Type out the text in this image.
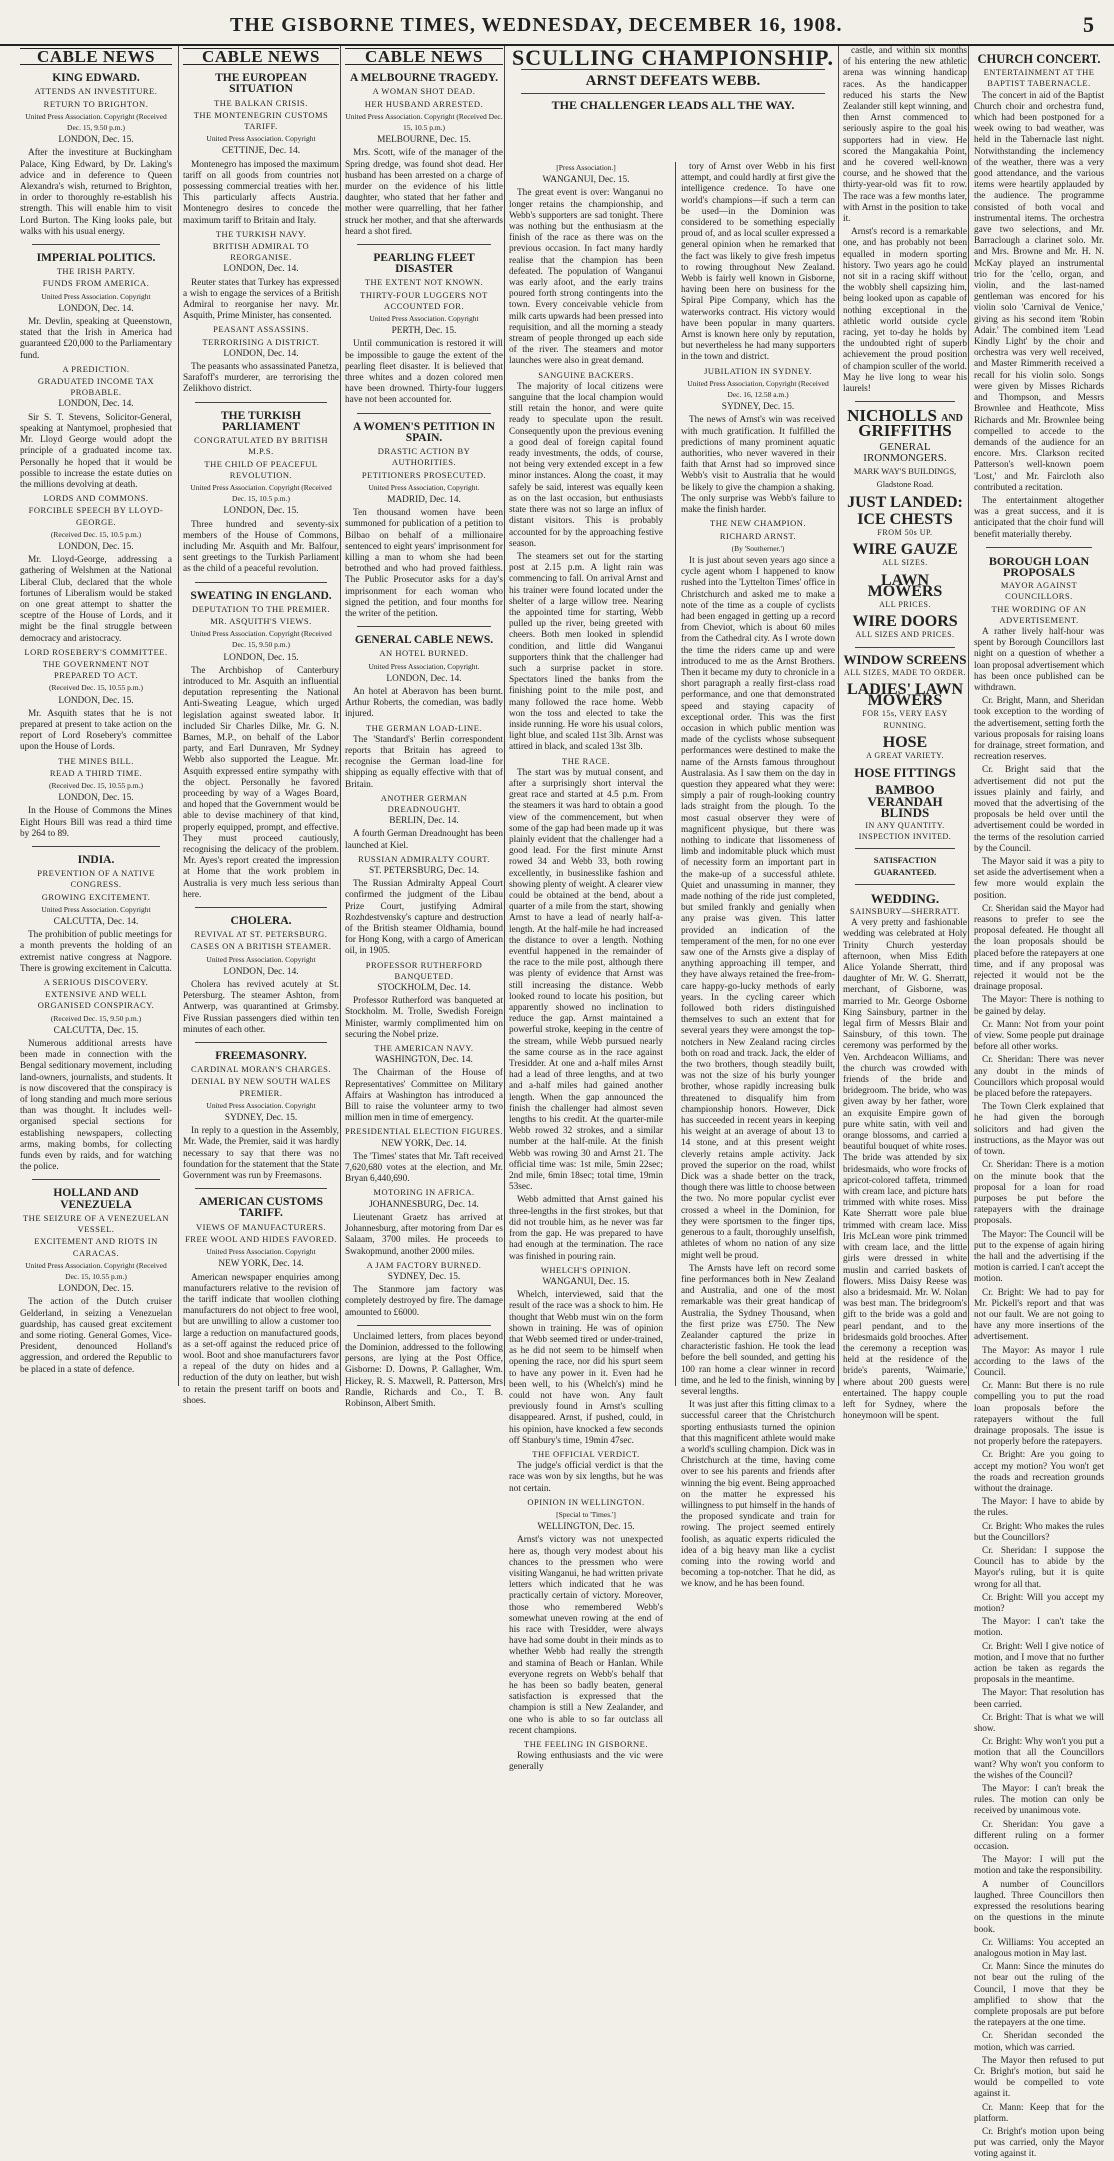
THE GISBORNE TIMES, WEDNESDAY, DECEMBER 16, 1908.	5
CABLE NEWS
KING EDWARD.
ATTENDS AN INVESTITURE.
RETURN TO BRIGHTON.

United Press Association. Copyright (Received Dec. 15, 9.50 p.m.)

LONDON, Dec. 15.

After the investiture at Buckingham Palace, King Edward, by Dr. Laking's advice and in deference to Queen Alexandra's wish, returned to Brighton, in order to thoroughly re-establish his strength. This will enable him to visit Lord Burton. The King looks pale, but walks with his usual energy.

IMPERIAL POLITICS.
THE IRISH PARTY.
FUNDS FROM AMERICA.

United Press Association. Copyright

LONDON, Dec. 14.

Mr. Devlin, speaking at Queenstown, stated that the Irish in America had guaranteed £20,000 to the Parliamentary fund.

A PREDICTION.
GRADUATED INCOME TAX PROBABLE.

LONDON, Dec. 14.

Sir S. T. Stevens, Solicitor-General, speaking at Nantymoel, prophesied that Mr. Lloyd George would adopt the principle of a graduated income tax. Personally he hoped that it would be possible to increase the estate duties on the millions devolving at death.

LORDS AND COMMONS.
FORCIBLE SPEECH BY LLOYD-GEORGE.

(Received Dec. 15, 10.5 p.m.)

LONDON, Dec. 15.

Mr. Lloyd-George, addressing a gathering of Welshmen at the National Liberal Club, declared that the whole fortunes of Liberalism would be staked on one great attempt to shatter the sceptre of the House of Lords, and it might be the final struggle between democracy and aristocracy.

LORD ROSEBERY'S COMMITTEE.
THE GOVERNMENT NOT PREPARED TO ACT.

(Received Dec. 15, 10.55 p.m.)

LONDON, Dec. 15.

Mr. Asquith states that he is not prepared at present to take action on the report of Lord Rosebery's committee upon the House of Lords.

THE MINES BILL.
READ A THIRD TIME.

(Received Dec. 15, 10.55 p.m.)

LONDON, Dec. 15.

In the House of Commons the Mines Eight Hours Bill was read a third time by 264 to 89.

INDIA.
PREVENTION OF A NATIVE CONGRESS.
GROWING EXCITEMENT.

United Press Association. Copyright

CALCUTTA, Dec. 14.

The prohibition of public meetings for a month prevents the holding of an extremist native congress at Nagpore. There is growing excitement in Calcutta.

A SERIOUS DISCOVERY.
EXTENSIVE AND WELL ORGANISED CONSPIRACY.

(Received Dec. 15, 9.50 p.m.)

CALCUTTA, Dec. 15.

Numerous additional arrests have been made in connection with the Bengal seditionary movement, including land-owners, journalists, and students. It is now discovered that the conspiracy is of long standing and much more serious than was thought. It includes well-organised special sections for establishing newspapers, collecting arms, making bombs, for collecting funds even by raids, and for watching the police.

HOLLAND AND VENEZUELA
THE SEIZURE OF A VENEZUELAN VESSEL.
EXCITEMENT AND RIOTS IN CARACAS.

United Press Association. Copyright (Received Dec. 15, 10.55 p.m.)

LONDON, Dec. 15.

The action of the Dutch cruiser Gelderland, in seizing a Venezuelan guardship, has caused great excitement and some rioting. General Gomes, Vice-President, denounced Holland's aggression, and ordered the Republic to be placed in a state of defence.

CABLE NEWS
THE EUROPEAN SITUATION
THE BALKAN CRISIS.
THE MONTENEGRIN CUSTOMS TARIFF.

United Press Association. Copyright

CETTINJE, Dec. 14.

Montenegro has imposed the maximum tariff on all goods from countries not possessing commercial treaties with her. This particularly affects Austria. Montenegro desires to concede the maximum tariff to Britain and Italy.

THE TURKISH NAVY.
BRITISH ADMIRAL TO REORGANISE.

LONDON, Dec. 14.

Reuter states that Turkey has expressed a wish to engage the services of a British Admiral to reorganise her navy. Mr. Asquith, Prime Minister, has consented.

PEASANT ASSASSINS.
TERRORISING A DISTRICT.

LONDON, Dec. 14.

The peasants who assassinated Panetza, Sarafoff's murderer, are terrorising the Zelikhovo district.

THE TURKISH PARLIAMENT
CONGRATULATED BY BRITISH M.P.S.
THE CHILD OF PEACEFUL REVOLUTION.

United Press Association. Copyright (Received Dec. 15, 10.5 p.m.)

LONDON, Dec. 15.

Three hundred and seventy-six members of the House of Commons, including Mr. Asquith and Mr. Balfour, sent greetings to the Turkish Parliament as the child of a peaceful revolution.

SWEATING IN ENGLAND.
DEPUTATION TO THE PREMIER.
MR. ASQUITH'S VIEWS.

United Press Association. Copyright (Received Dec. 15, 9.50 p.m.)

LONDON, Dec. 15.

The Archbishop of Canterbury introduced to Mr. Asquith an influential deputation representing the National Anti-Sweating League, which urged legislation against sweated labor. It included Sir Charles Dilke, Mr. G. N. Barnes, M.P., on behalf of the Labor party, and Earl Dunraven, Mr Sydney Webb also supported the League. Mr. Asquith expressed entire sympathy with the object. Personally he favored proceeding by way of a Wages Board, and hoped that the Government would be able to devise machinery of that kind, properly equipped, prompt, and effective. They must proceed cautiously, recognising the delicacy of the problem. Mr. Ayes's report created the impression at Home that the work problem in Australia is very much less serious than here.

CHOLERA.
REVIVAL AT ST. PETERSBURG.
CASES ON A BRITISH STEAMER.

United Press Association. Copyright

LONDON, Dec. 14.

Cholera has revived acutely at St. Petersburg. The steamer Ashton, from Antwerp, was quarantined at Grimsby. Five Russian passengers died within ten minutes of each other.

FREEMASONRY.
CARDINAL MORAN'S CHARGES.
DENIAL BY NEW SOUTH WALES PREMIER.

United Press Association. Copyright

SYDNEY, Dec. 15.

In reply to a question in the Assembly, Mr. Wade, the Premier, said it was hardly necessary to say that there was no foundation for the statement that the State Government was run by Freemasons.

AMERICAN CUSTOMS TARIFF.
VIEWS OF MANUFACTURERS.
FREE WOOL AND HIDES FAVORED.

United Press Association. Copyright

NEW YORK, Dec. 14.

American newspaper enquiries among manufacturers relative to the revision of the tariff indicate that woollen clothing manufacturers do not object to free wool, but are unwilling to allow a customer too large a reduction on manufactured goods, as a set-off against the reduced price of wool. Boot and shoe manufacturers favor a repeal of the duty on hides and a reduction of the duty on leather, but wish to retain the present tariff on boots and shoes.

CABLE NEWS
A MELBOURNE TRAGEDY.
A WOMAN SHOT DEAD.
HER HUSBAND ARRESTED.

United Press Association. Copyright (Received Dec. 15, 10.5 p.m.)

MELBOURNE, Dec. 15.

Mrs. Scott, wife of the manager of the Spring dredge, was found shot dead. Her husband has been arrested on a charge of murder on the evidence of his little daughter, who stated that her father and mother were quarrelling, that her father struck her mother, and that she afterwards heard a shot fired.

PEARLING FLEET DISASTER
THE EXTENT NOT KNOWN.
THIRTY-FOUR LUGGERS NOT ACCOUNTED FOR.

United Press Association. Copyright

PERTH, Dec. 15.

Until communication is restored it will be impossible to gauge the extent of the pearling fleet disaster. It is believed that three whites and a dozen colored men have been drowned. Thirty-four luggers have not been accounted for.

A WOMEN'S PETITION IN SPAIN.
DRASTIC ACTION BY AUTHORITIES.
PETITIONERS PROSECUTED.

United Press Association, Copyright.

MADRID, Dec. 14.

Ten thousand women have been summoned for publication of a petition to Bilbao on behalf of a millionaire sentenced to eight years' imprisonment for killing a man to whom she had been betrothed and who had proved faithless. The Public Prosecutor asks for a day's imprisonment for each woman who signed the petition, and four months for the writer of the petition.

GENERAL CABLE NEWS.
AN HOTEL BURNED.

United Press Association, Copyright.

LONDON, Dec. 14.

An hotel at Aberavon has been burnt. Arthur Roberts, the comedian, was badly injured.

THE GERMAN LOAD-LINE.

The 'Standard's' Berlin correspondent reports that Britain has agreed to recognise the German load-line for shipping as equally effective with that of Britain.

ANOTHER GERMAN DREADNOUGHT.

BERLIN, Dec. 14.

A fourth German Dreadnought has been launched at Kiel.

RUSSIAN ADMIRALTY COURT.

ST. PETERSBURG, Dec. 14.

The Russian Admiralty Appeal Court confirmed the judgment of the Libau Prize Court, justifying Admiral Rozhdestvensky's capture and destruction of the British steamer Oldhamia, bound for Hong Kong, with a cargo of American oil, in 1905.

PROFESSOR RUTHERFORD BANQUETED.

STOCKHOLM, Dec. 14.

Professor Rutherford was banqueted at Stockholm. M. Trolle, Swedish Foreign Minister, warmly complimented him on securing the Nobel prize.

THE AMERICAN NAVY.

WASHINGTON, Dec. 14.

The Chairman of the House of Representatives' Committee on Military Affairs at Washington has introduced a Bill to raise the volunteer army to two million men in time of emergency.

PRESIDENTIAL ELECTION FIGURES.

NEW YORK, Dec. 14.

The 'Times' states that Mr. Taft received 7,620,680 votes at the election, and Mr. Bryan 6,440,690.

MOTORING IN AFRICA.

JOHANNESBURG, Dec. 14.

Lieutenant Graetz has arrived at Johannesburg, after motoring from Dar es Salaam, 3700 miles. He proceeds to Swakopmund, another 2000 miles.

A JAM FACTORY BURNED.

SYDNEY, Dec. 15.

The Stanmore jam factory was completely destroyed by fire. The damage amounted to £6000.

Unclaimed letters, from places beyond the Dominion, addressed to the following persons, are lying at the Post Office, Gisborne: D. Downs, P. Gallagher, Wm. Hickey, R. S. Maxwell, R. Patterson, Mrs Randle, Richards and Co., T. B. Robinson, Albert Smith.

SCULLING CHAMPIONSHIP.
ARNST DEFEATS WEBB.
THE CHALLENGER LEADS ALL THE WAY.

[Press Association.]

WANGANUI, Dec. 15.

The great event is over: Wanganui no longer retains the championship, and Webb's supporters are sad tonight. There was nothing but the enthusiasm at the finish of the race as there was on the previous occasion. In fact many hardly realise that the champion has been defeated. The population of Wanganui was early afoot, and the early trains poured forth strong contingents into the town. Every conceivable vehicle from milk carts upwards had been pressed into requisition, and all the morning a steady stream of people thronged up each side of the river. The steamers and motor launches were also in great demand.

SANGUINE BACKERS.

The majority of local citizens were sanguine that the local champion would still retain the honor, and were quite ready to speculate upon the result. Consequently upon the previous evening a good deal of foreign capital found ready investments, the odds, of course, not being very extended except in a few minor instances. Along the coast, it may safely be said, interest was equally keen as on the last occasion, but enthusiasts state there was not so large an influx of distant visitors. This is probably accounted for by the approaching festive season.

The steamers set out for the starting post at 2.15 p.m. A light rain was commencing to fall. On arrival Arnst and his trainer were found located under the shelter of a large willow tree. Nearing the appointed time for starting, Webb pulled up the river, being greeted with cheers. Both men looked in splendid condition, and little did Wanganui supporters think that the challenger had such a surprise packet in store. Spectators lined the banks from the finishing point to the mile post, and many followed the race home. Webb won the toss and elected to take the inside running. He wore his usual colors, light blue, and scaled 11st 3lb. Arnst was attired in black, and scaled 13st 3lb.

THE RACE.

The start was by mutual consent, and after a surprisingly short interval the great race and started at 4.5 p.m. From the steamers it was hard to obtain a good view of the commencement, but when some of the gap had been made up it was plainly evident that the challenger had a good lead. For the first minute Arnst rowed 34 and Webb 33, both rowing excellently, in businesslike fashion and showing plenty of weight. A clearer view could be obtained at the bend, about a quarter of a mile from the start, showing Arnst to have a lead of nearly half-a-length. At the half-mile he had increased the distance to over a length. Nothing eventful happened in the remainder of the race to the mile post, although there was plenty of evidence that Arnst was still increasing the distance. Webb looked round to locate his position, but apparently showed no inclination to reduce the gap. Arnst maintained a powerful stroke, keeping in the centre of the stream, while Webb pursued nearly the same course as in the race against Tresidder. At one and a-half miles Arnst had a lead of three lengths, and at two and a-half miles had gained another length. When the gap announced the finish the challenger had almost seven lengths to his credit. At the quarter-mile Webb rowed 32 strokes, and a similar number at the half-mile. At the finish Webb was rowing 30 and Arnst 21. The official time was: 1st mile, 5min 22sec; 2nd mile, 6min 18sec; total time, 19min 53sec.

Webb admitted that Arnst gained his three-lengths in the first strokes, but that did not trouble him, as he never was far from the gap. He was prepared to have had enough at the termination. The race was finished in pouring rain.

WHELCH'S OPINION.

WANGANUI, Dec. 15.

Whelch, interviewed, said that the result of the race was a shock to him. He thought that Webb must win on the form shown in training. He was of opinion that Webb seemed tired or under-trained, as he did not seem to be himself when opening the race, nor did his spurt seem to have any power in it. Even had he been well, to his (Whelch's) mind he could not have won. Any fault previously found in Arnst's sculling disappeared. Arnst, if pushed, could, in his opinion, have knocked a few seconds off Stanbury's time, 19min 47sec.

THE OFFICIAL VERDICT.

The judge's official verdict is that the race was won by six lengths, but he was not certain.

OPINION IN WELLINGTON.

[Special to 'Times.']

WELLINGTON, Dec. 15.

Arnst's victory was not unexpected here as, though very modest about his chances to the pressmen who were visiting Wanganui, he had written private letters which indicated that he was practically certain of victory. Moreover, those who remembered Webb's somewhat uneven rowing at the end of his race with Tresidder, were always have had some doubt in their minds as to whether Webb had really the strength and stamina of Beach or Hanlan. While everyone regrets on Webb's behalf that he has been so badly beaten, general satisfaction is expressed that the champion is still a New Zealander, and one who is able to so far outclass all recent champions.

THE FEELING IN GISBORNE.

Rowing enthusiasts and the vic were generally

tory of Arnst over Webb in his first attempt, and could hardly at first give the intelligence credence. To have one world's champions—if such a term can be used—in the Dominion was considered to be something especially proud of, and as local sculler expressed a general opinion when he remarked that the fact was likely to give fresh impetus to rowing throughout New Zealand. Webb is fairly well known in Gisborne, having been here on business for the Spiral Pipe Company, which has the waterworks contract. His victory would have been popular in many quarters. Arnst is known here only by reputation, but nevertheless he had many supporters in the town and district.

JUBILATION IN SYDNEY.

United Press Association, Copyright (Received Dec. 16, 12.58 a.m.)

SYDNEY, Dec. 15.

The news of Arnst's win was received with much gratification. It fulfilled the predictions of many prominent aquatic authorities, who never wavered in their faith that Arnst had so improved since Webb's visit to Australia that he would be likely to give the champion a shaking. The only surprise was Webb's failure to make the finish harder.

THE NEW CHAMPION.
RICHARD ARNST.

(By 'Southerner.')

It is just about seven years ago since a cycle agent whom I happened to know rushed into the 'Lyttelton Times' office in Christchurch and asked me to make a note of the time as a couple of cyclists had been engaged in getting up a record from Cheviot, which is about 60 miles from the Cathedral city. As I wrote down the time the riders came up and were introduced to me as the Arnst Brothers. Then it became my duty to chronicle in a short paragraph a really first-class road performance, and one that demonstrated speed and staying capacity of exceptional order. This was the first occasion in which public mention was made of the cyclists whose subsequent performances were destined to make the name of the Arnsts famous throughout Australasia. As I saw them on the day in question they appeared what they were: simply a pair of rough-looking country lads straight from the plough. To the most casual observer they were of magnificent physique, but there was nothing to indicate that lissomeness of limb and indomitable pluck which must of necessity form an important part in the make-up of a successful athlete. Quiet and unassuming in manner, they made nothing of the ride just completed, but smiled frankly and genially when any praise was given. This latter provided an indication of the temperament of the men, for no one ever saw one of the Arnsts give a display of anything approaching ill temper, and they have always retained the free-from-care happy-go-lucky methods of early years. In the cycling career which followed both riders distinguished themselves to such an extent that for several years they were amongst the top-notchers in New Zealand racing circles both on road and track. Jack, the elder of the two brothers, though steadily built, was not the size of his burly younger brother, whose rapidly increasing bulk threatened to disqualify him from championship honors. However, Dick has succeeded in recent years in keeping his weight at an average of about 13 to 14 stone, and at this present weight cleverly retains ample activity. Jack proved the superior on the road, whilst Dick was a shade better on the track, though there was little to choose between the two. No more popular cyclist ever crossed a wheel in the Dominion, for they were sportsmen to the finger tips, generous to a fault, thoroughly unselfish, athletes of whom no nation of any size might well be proud.

The Arnsts have left on record some fine performances both in New Zealand and Australia, and one of the most remarkable was their great handicap of Australia, the Sydney Thousand, when the first prize was £750. The New Zealander captured the prize in characteristic fashion. He took the lead before the bell sounded, and getting his 100 ran home a clear winner in record time, and he led to the finish, winning by several lengths.

It was just after this fitting climax to a successful career that the Christchurch sporting enthusiasts turned the opinion that this magnificent athlete would make a world's sculling champion. Dick was in Christchurch at the time, having come over to see his parents and friends after winning the big event. Being approached on the matter he expressed his willingness to put himself in the hands of the proposed syndicate and train for rowing. The project seemed entirely foolish, as aquatic experts ridiculed the idea of a big heavy man like a cyclist coming into the rowing world and becoming a top-notcher. That he did, as we know, and he has been found.

castle, and within six months of his entering the new athletic arena was winning handicap races. As the handicapper reduced his starts the New Zealander still kept winning, and then Arnst commenced to seriously aspire to the goal his supporters had in view. He scored the Mangakahia Point, and he covered well-known course, and he showed that the thirty-year-old was fit to row. The race was a few months later, with Arnst in the position to take it.

Arnst's record is a remarkable one, and has probably not been equalled in modern sporting history. Two years ago he could not sit in a racing skiff without the wobbly shell capsizing him, being looked upon as capable of nothing exceptional in the athletic world outside cycle racing, yet to-day he holds by the undoubted right of superb achievement the proud position of champion sculler of the world. May he live long to wear his laurels!

NICHOLLS AND
GRIFFITHS
GENERAL IRONMONGERS.
MARK WAY'S BUILDINGS,
Gladstone Road.
JUST LANDED:
ICE CHESTS
FROM 50s UP.
WIRE GAUZE
ALL SIZES.
LAWN MOWERS
ALL PRICES.
WIRE DOORS
ALL SIZES AND PRICES.
WINDOW SCREENS
ALL SIZES, MADE TO ORDER.
LADIES' LAWN MOWERS
FOR 15s, VERY EASY RUNNING.
HOSE
A GREAT VARIETY.
HOSE FITTINGS
BAMBOO VERANDAH BLINDS
IN ANY QUANTITY. INSPECTION INVITED.
SATISFACTION GUARANTEED.
WEDDING.
SAINSBURY—SHERRATT.

A very pretty and fashionable wedding was celebrated at Holy Trinity Church yesterday afternoon, when Miss Edith Alice Yolande Sherratt, third daughter of Mr. W. G. Sherratt, merchant, of Gisborne, was married to Mr. George Osborne King Sainsbury, partner in the legal firm of Messrs Blair and Sainsbury, of this town. The ceremony was performed by the Ven. Archdeacon Williams, and the church was crowded with friends of the bride and bridegroom. The bride, who was given away by her father, wore an exquisite Empire gown of pure white satin, with veil and orange blossoms, and carried a beautiful bouquet of white roses. The bride was attended by six bridesmaids, who wore frocks of apricot-colored taffeta, trimmed with cream lace, and picture hats trimmed with white roses. Miss Kate Sherratt wore pale blue trimmed with cream lace. Miss Iris McLean wore pink trimmed with cream lace, and the little girls were dressed in white muslin and carried baskets of flowers. Miss Daisy Reese was also a bridesmaid. Mr. W. Nolan was best man. The bridegroom's gift to the bride was a gold and pearl pendant, and to the bridesmaids gold brooches. After the ceremony a reception was held at the residence of the bride's parents, 'Waimarie,' where about 200 guests were entertained. The happy couple left for Sydney, where the honeymoon will be spent.

CHURCH CONCERT.
ENTERTAINMENT AT THE BAPTIST TABERNACLE.

The concert in aid of the Baptist Church choir and orchestra fund, which had been postponed for a week owing to bad weather, was held in the Tabernacle last night. Notwithstanding the inclemency of the weather, there was a very good attendance, and the various items were heartily applauded by the audience. The programme consisted of both vocal and instrumental items. The orchestra gave two selections, and Mr. Barraclough a clarinet solo. Mr. and Mrs. Browne and Mr. H. N. McKay played an instrumental trio for the 'cello, organ, and violin, and the last-named gentleman was encored for his violin solo 'Carnival de Venice,' giving as his second item 'Robin Adair.' The combined item 'Lead Kindly Light' by the choir and orchestra was very well received, and Master Rimmerith received a recall for his violin solo. Songs were given by Misses Richards and Thompson, and Messrs Brownlee and Heathcote, Miss Richards and Mr. Brownlee being compelled to accede to the demands of the audience for an encore. Mrs. Clarkson recited Patterson's well-known poem 'Lost,' and Mr. Faircloth also contributed a recitation.

The entertainment altogether was a great success, and it is anticipated that the choir fund will benefit materially thereby.

BOROUGH LOAN PROPOSALS
MAYOR AGAINST COUNCILLORS.
THE WORDING OF AN ADVERTISEMENT.

A rather lively half-hour was spent by Borough Councillors last night on a question of whether a loan proposal advertisement which has been once published can be withdrawn.

Cr. Bright, Mann, and Sheridan took exception to the wording of the advertisement, setting forth the various proposals for raising loans for drainage, street formation, and recreation reserves.

Cr. Bright said that the advertisement did not put the issues plainly and fairly, and moved that the advertising of the proposals be held over until the advertisement could be worded in the terms of the resolution carried by the Council.

The Mayor said it was a pity to set aside the advertisement when a few more would explain the position.

Cr. Sheridan said the Mayor had reasons to prefer to see the proposal defeated. He thought all the loan proposals should be placed before the ratepayers at one time, and if any proposal was rejected it would not be the drainage proposal.

The Mayor: There is nothing to be gained by delay.

Cr. Mann: Not from your point of view. Some people put drainage before all other works.

Cr. Sheridan: There was never any doubt in the minds of Councillors which proposal would be placed before the ratepayers.

The Town Clerk explained that he had given the borough solicitors and had given the instructions, as the Mayor was out of town.

Cr. Sheridan: There is a motion on the minute book that the proposal for a loan for road purposes be put before the ratepayers with the drainage proposals.

The Mayor: The Council will be put to the expense of again hiring the hall and the advertising if the motion is carried. I can't accept the motion.

Cr. Bright: We had to pay for Mr. Pickell's report and that was not our fault. We are not going to have any more insertions of the advertisement.

The Mayor: As mayor I rule according to the laws of the Council.

Cr. Mann: But there is no rule compelling you to put the road loan proposals before the ratepayers without the full drainage proposals. The issue is not properly before the ratepayers.

Cr. Bright: Are you going to accept my motion? You won't get the roads and recreation grounds without the drainage.

The Mayor: I have to abide by the rules.

Cr. Bright: Who makes the rules but the Councillors?

Cr. Sheridan: I suppose the Council has to abide by the Mayor's ruling, but it is quite wrong for all that.

Cr. Bright: Will you accept my motion?

The Mayor: I can't take the motion.

Cr. Bright: Well I give notice of motion, and I move that no further action be taken as regards the proposals in the meantime.

The Mayor: That resolution has been carried.

Cr. Bright: That is what we will show.

Cr. Bright: Why won't you put a motion that all the Councillors want? Why won't you conform to the wishes of the Council?

The Mayor: I can't break the rules. The motion can only be received by unanimous vote.

Cr. Sheridan: You gave a different ruling on a former occasion.

The Mayor: I will put the motion and take the responsibility.

A number of Councillors laughed. Three Councillors then expressed the resolutions bearing on the questions in the minute book.

Cr. Williams: You accepted an analogous motion in May last.

Cr. Mann: Since the minutes do not bear out the ruling of the Council, I move that they be amplified to show that the complete proposals are put before the ratepayers at the one time.

Cr. Sheridan seconded the motion, which was carried.

The Mayor then refused to put Cr. Bright's motion, but said he would be compelled to vote against it.

Cr. Mann: Keep that for the platform.

Cr. Bright's motion upon being put was carried, only the Mayor voting against it.
